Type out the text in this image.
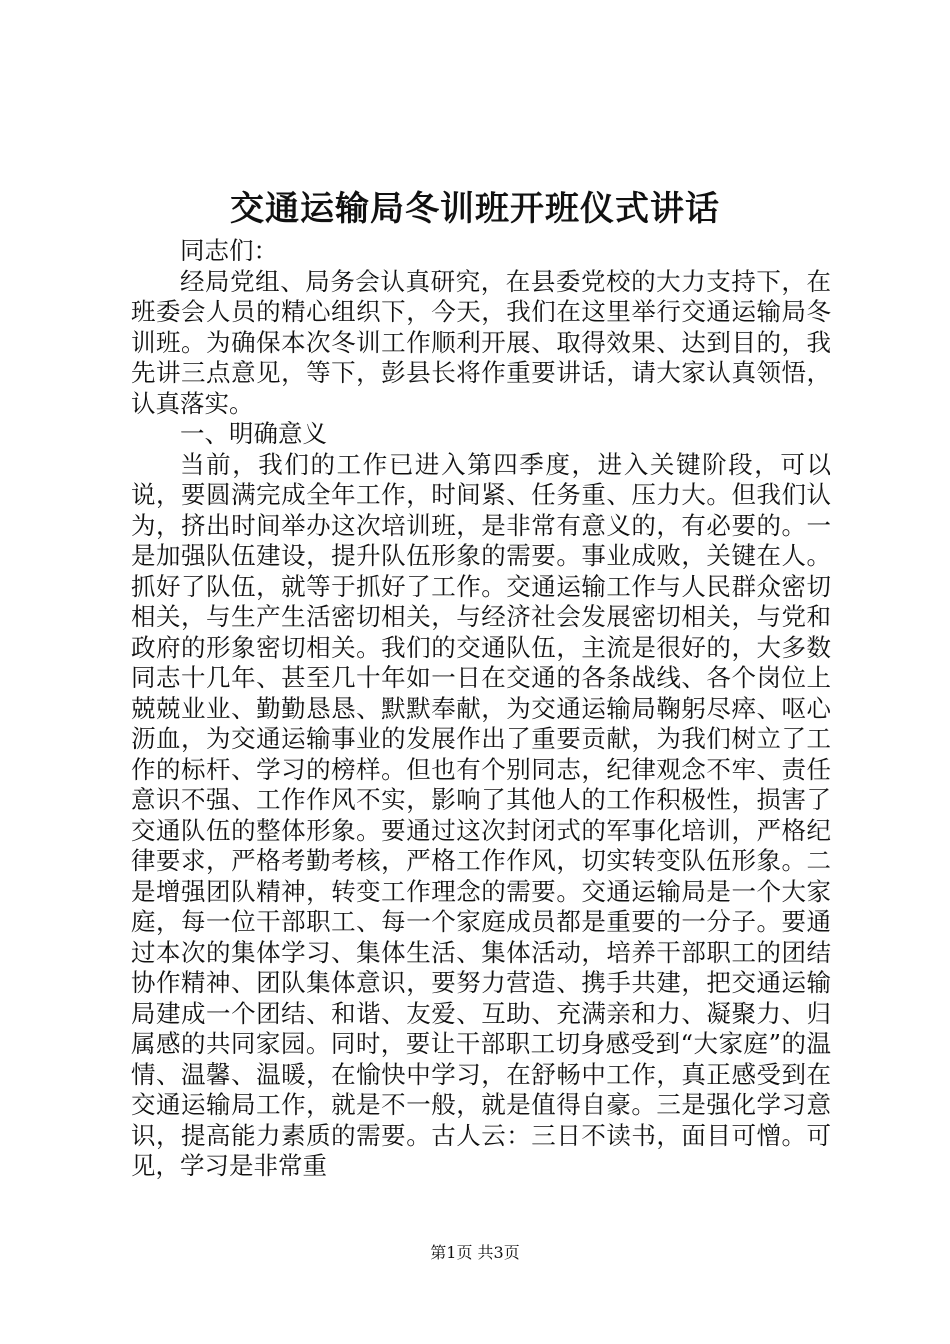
交通运输局冬训班开班仪式讲话

同志们：

经局党组、局务会认真研究，在县委党校的大力支持下，在班委会人员的精心组织下，今天，我们在这里举行交通运输局冬训班。为确保本次冬训工作顺利开展、取得效果、达到目的，我先讲三点意见，等下，彭县长将作重要讲话，请大家认真领悟，认真落实。

一、明确意义

当前，我们的工作已进入第四季度，进入关键阶段，可以说，要圆满完成全年工作，时间紧、任务重、压力大。但我们认为，挤出时间举办这次培训班，是非常有意义的，有必要的。一是加强队伍建设，提升队伍形象的需要。事业成败，关键在人。抓好了队伍，就等于抓好了工作。交通运输工作与人民群众密切相关，与生产生活密切相关，与经济社会发展密切相关，与党和政府的形象密切相关。我们的交通队伍，主流是很好的，大多数同志十几年、甚至几十年如一日在交通的各条战线、各个岗位上兢兢业业、勤勤恳恳、默默奉献，为交通运输局鞠躬尽瘁、呕心沥血，为交通运输事业的发展作出了重要贡献，为我们树立了工作的标杆、学习的榜样。但也有个别同志，纪律观念不牢、责任意识不强、工作作风不实，影响了其他人的工作积极性，损害了交通队伍的整体形象。要通过这次封闭式的军事化培训，严格纪律要求，严格考勤考核，严格工作作风，切实转变队伍形象。二是增强团队精神，转变工作理念的需要。交通运输局是一个大家庭，每一位干部职工、每一个家庭成员都是重要的一分子。要通过本次的集体学习、集体生活、集体活动，培养干部职工的团结协作精神、团队集体意识，要努力营造、携手共建，把交通运输局建成一个团结、和谐、友爱、互助、充满亲和力、凝聚力、归属感的共同家园。同时，要让干部职工切身感受到“大家庭”的温情、温馨、温暖，在愉快中学习，在舒畅中工作，真正感受到在交通运输局工作，就是不一般，就是值得自豪。三是强化学习意识，提高能力素质的需要。古人云：三日不读书，面目可憎。可见，学习是非常重

第1页 共3页
